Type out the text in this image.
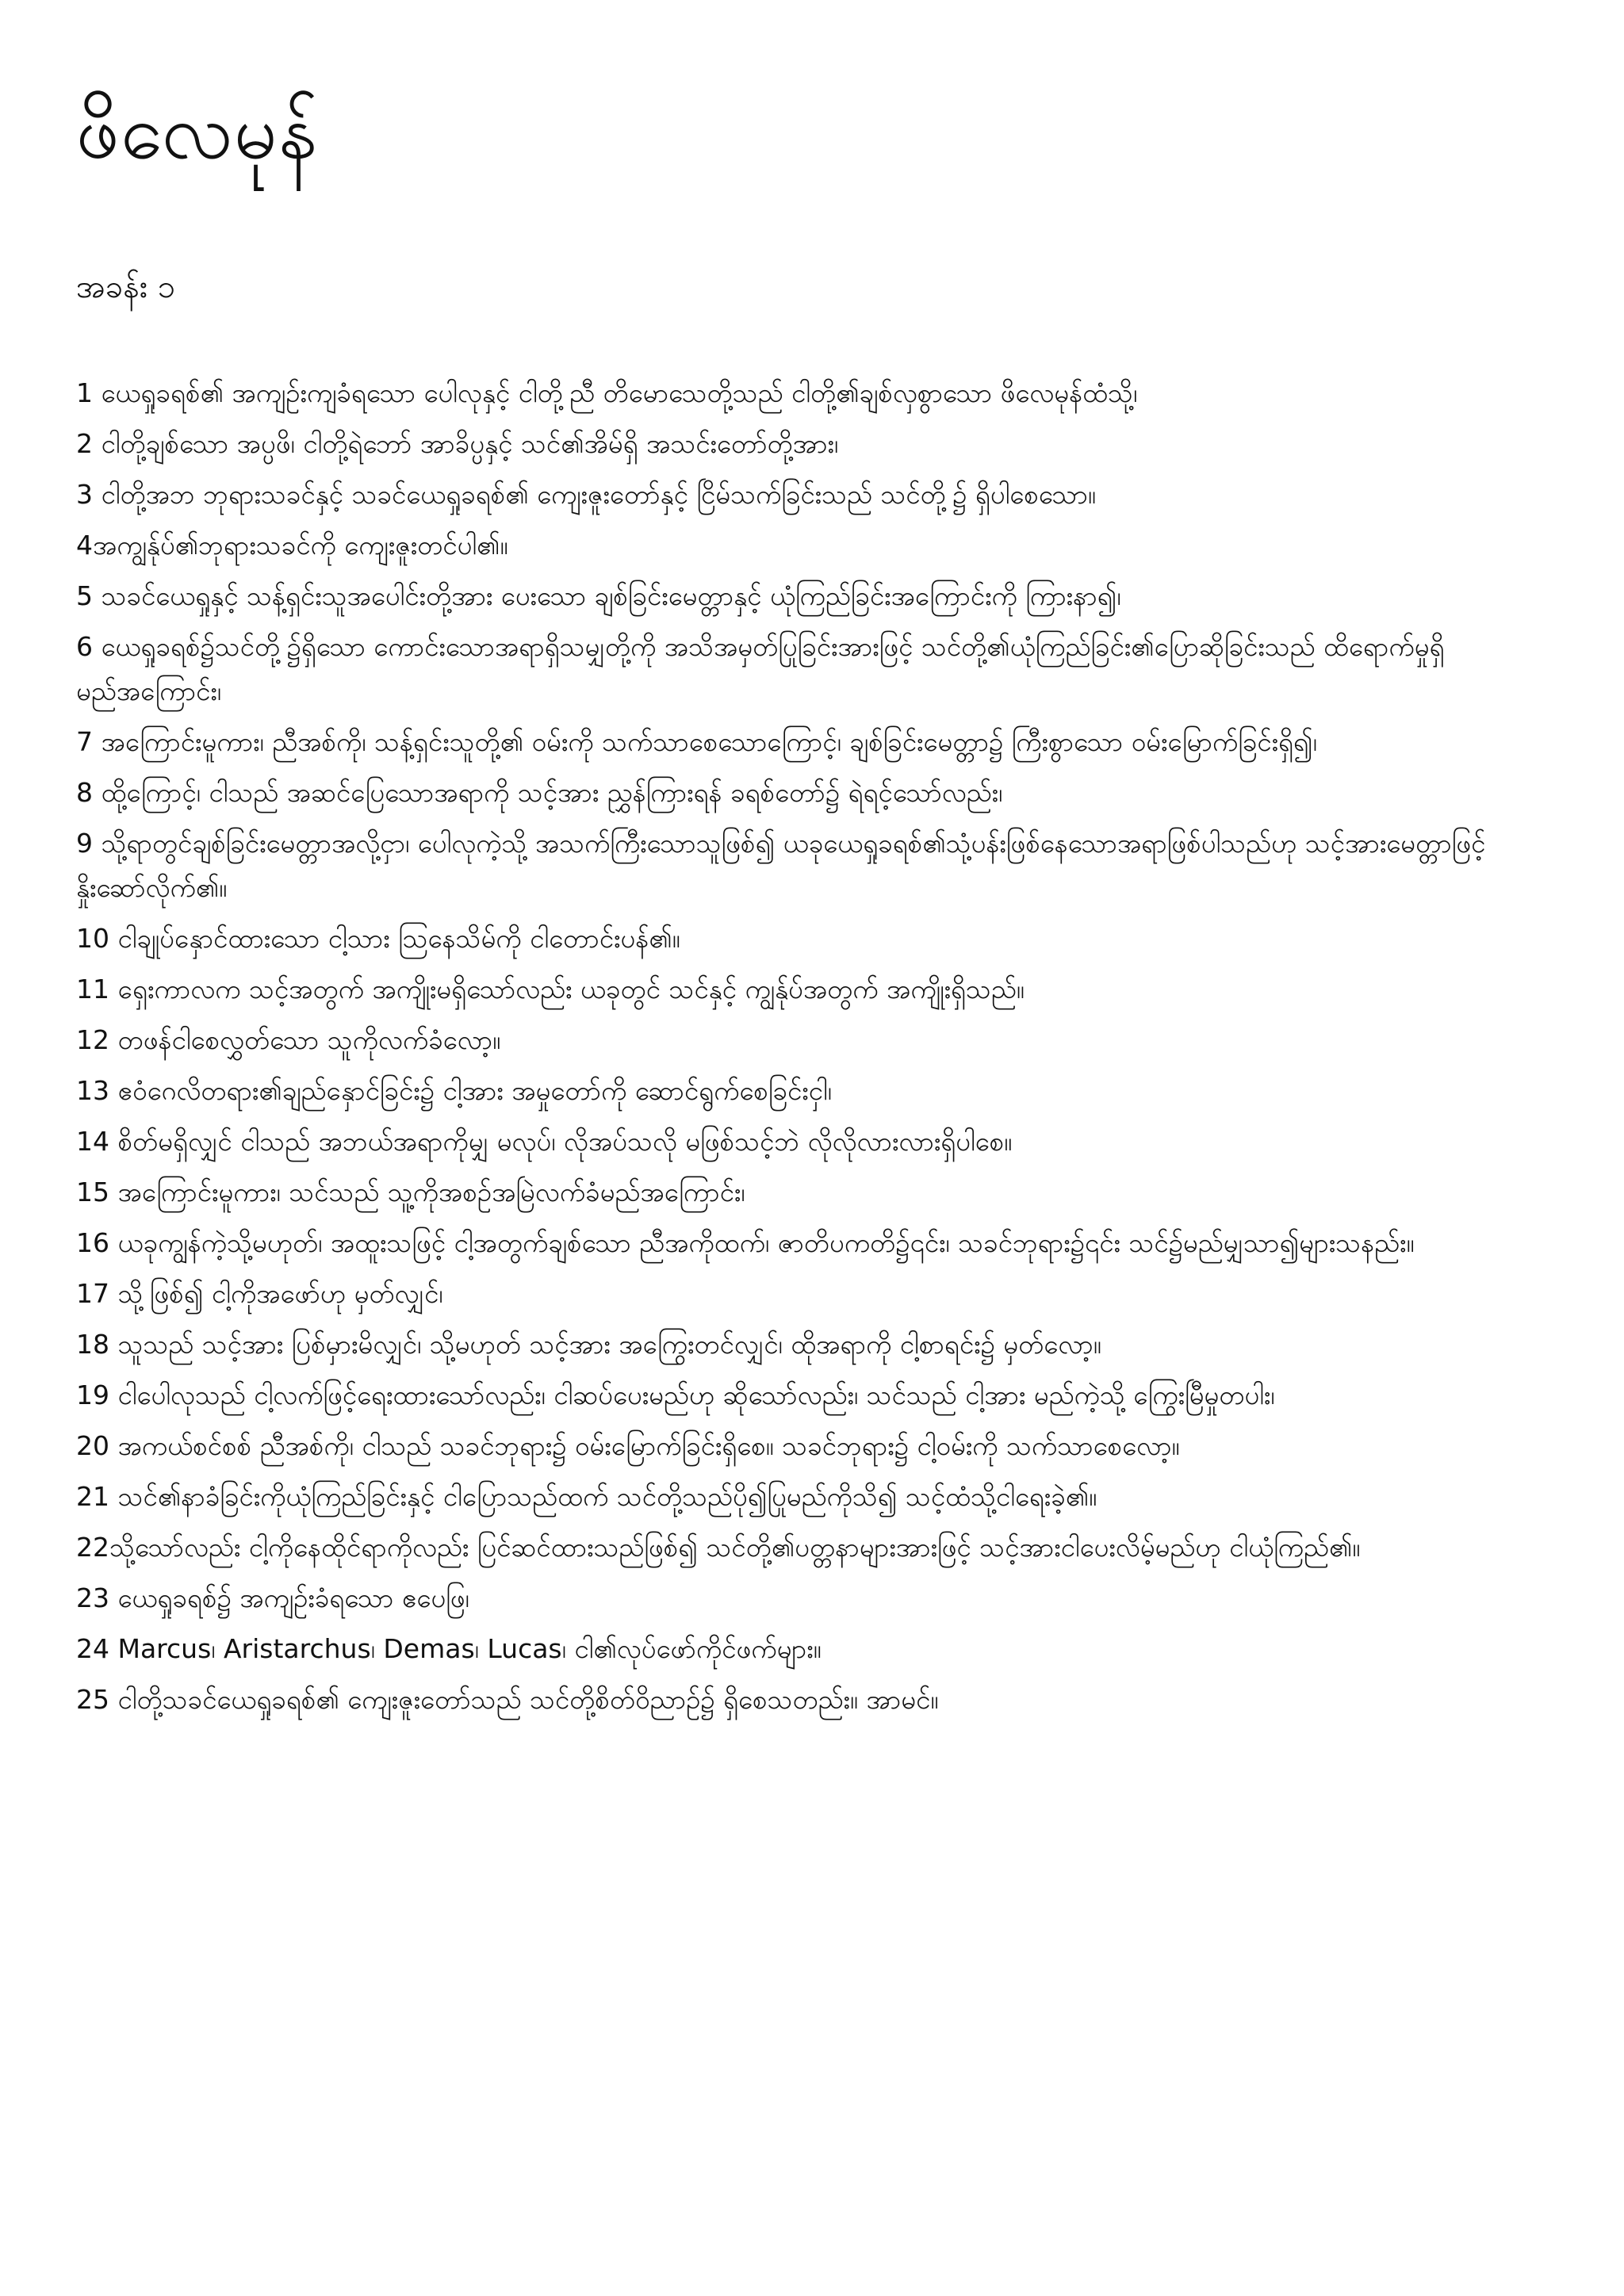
ဖိလေမုန်
အခန်း ၁

1 ယေရှုခရစ်၏ အကျဉ်းကျခံရသော ပေါလုနှင့် ငါတို့ညီ တိမောသေတို့သည် ငါတို့၏ချစ်လှစွာသော ဖိလေမုန်ထံသို့၊

2 ငါတို့ချစ်သော အပ္ပဖိ၊ ငါတို့ရဲဘော် အာခိပ္ပနှင့် သင်၏အိမ်ရှိ အသင်းတော်တို့အား၊

3 ငါတို့အဘ ဘုရားသခင်နှင့် သခင်ယေရှုခရစ်၏ ကျေးဇူးတော်နှင့် ငြိမ်သက်ခြင်းသည် သင်တို့၌ ရှိပါစေသော။

4အကျွန်ုပ်၏ဘုရားသခင်ကို ကျေးဇူးတင်ပါ၏။

5 သခင်ယေရှုနှင့် သန့်ရှင်းသူအပေါင်းတို့အား ပေးသော ချစ်ခြင်းမေတ္တာနှင့် ယုံကြည်ခြင်းအကြောင်းကို ကြားနာ၍၊

6 ယေရှုခရစ်၌သင်တို့၌ရှိသော ကောင်းသောအရာရှိသမျှတို့ကို အသိအမှတ်ပြုခြင်းအားဖြင့် သင်တို့၏ယုံကြည်ခြင်း၏ပြောဆိုခြင်းသည် ထိရောက်မှုရှိမည်အကြောင်း၊

7 အကြောင်းမူကား၊ ညီအစ်ကို၊ သန့်ရှင်းသူတို့၏ ဝမ်းကို သက်သာစေသောကြောင့်၊ ချစ်ခြင်းမေတ္တာ၌ ကြီးစွာသော ဝမ်းမြောက်ခြင်းရှိ၍၊

8 ထို့ကြောင့်၊ ငါသည် အဆင်ပြေသောအရာကို သင့်အား ညွှန်ကြားရန် ခရစ်တော်၌ ရဲရင့်သော်လည်း၊

9 သို့ရာတွင်ချစ်ခြင်းမေတ္တာအလို့ငှာ၊ ပေါလုကဲ့သို့ အသက်ကြီးသောသူဖြစ်၍ ယခုယေရှုခရစ်၏သုံ့ပန်းဖြစ်နေသောအရာဖြစ်ပါသည်ဟု သင့်အားမေတ္တာဖြင့်နှိုးဆော်လိုက်၏။

10 ငါချုပ်နှောင်ထားသော ငါ့သား သြနေသိမ်ကို ငါတောင်းပန်၏။

11 ရှေးကာလက သင့်အတွက် အကျိုးမရှိသော်လည်း ယခုတွင် သင်နှင့် ကျွန်ုပ်အတွက် အကျိုးရှိသည်။

12 တဖန်ငါစေလွှတ်သော သူကိုလက်ခံလော့။

13 ဧဝံဂေလိတရား၏ချည်နှောင်ခြင်း၌ ငါ့အား အမှုတော်ကို ဆောင်ရွက်စေခြင်းငှါ၊

14 စိတ်မရှိလျှင် ငါသည် အဘယ်အရာကိုမျှ မလုပ်၊ လိုအပ်သလို မဖြစ်သင့်ဘဲ လိုလိုလားလားရှိပါစေ။

15 အကြောင်းမူကား၊ သင်သည် သူ့ကိုအစဉ်အမြဲလက်ခံမည်အကြောင်း၊

16 ယခုကျွန်ကဲ့သို့မဟုတ်၊ အထူးသဖြင့် ငါ့အတွက်ချစ်သော ညီအကိုထက်၊ ဇာတိပကတိ၌၎င်း၊ သခင်ဘုရား၌၎င်း သင်၌မည်မျှသာ၍များသနည်း။

17 သို့ဖြစ်၍ ငါ့ကိုအဖော်ဟု မှတ်လျှင်၊

18 သူသည် သင့်အား ပြစ်မှားမိလျှင်၊ သို့မဟုတ် သင့်အား အကြွေးတင်လျှင်၊ ထိုအရာကို ငါ့စာရင်း၌ မှတ်လော့။

19 ငါပေါလုသည် ငါ့လက်ဖြင့်ရေးထားသော်လည်း၊ ငါဆပ်ပေးမည်ဟု ဆိုသော်လည်း၊ သင်သည် ငါ့အား မည်ကဲ့သို့ ကြွေးမြီမှုတပါး၊

20 အကယ်စင်စစ် ညီအစ်ကို၊ ငါသည် သခင်ဘုရား၌ ဝမ်းမြောက်ခြင်းရှိစေ။ သခင်ဘုရား၌ ငါ့ဝမ်းကို သက်သာစေလော့။

21 သင်၏နာခံခြင်းကိုယုံကြည်ခြင်းနှင့် ငါပြောသည်ထက် သင်တို့သည်ပို၍ပြုမည်ကိုသိ၍ သင့်ထံသို့ငါရေးခဲ့၏။

22သို့သော်လည်း ငါ့ကိုနေထိုင်ရာကိုလည်း ပြင်ဆင်ထားသည်ဖြစ်၍ သင်တို့၏ပတ္တနာများအားဖြင့် သင့်အားငါပေးလိမ့်မည်ဟု ငါယုံကြည်၏။

23 ယေရှုခရစ်၌ အကျဉ်းခံရသော ဧပေဖြ၊

24 Marcus၊ Aristarchus၊ Demas၊ Lucas၊ ငါ၏လုပ်ဖော်ကိုင်ဖက်များ။

25 ငါတို့သခင်ယေရှုခရစ်၏ ကျေးဇူးတော်သည် သင်တို့စိတ်ဝိညာဉ်၌ ရှိစေသတည်း။ အာမင်။
